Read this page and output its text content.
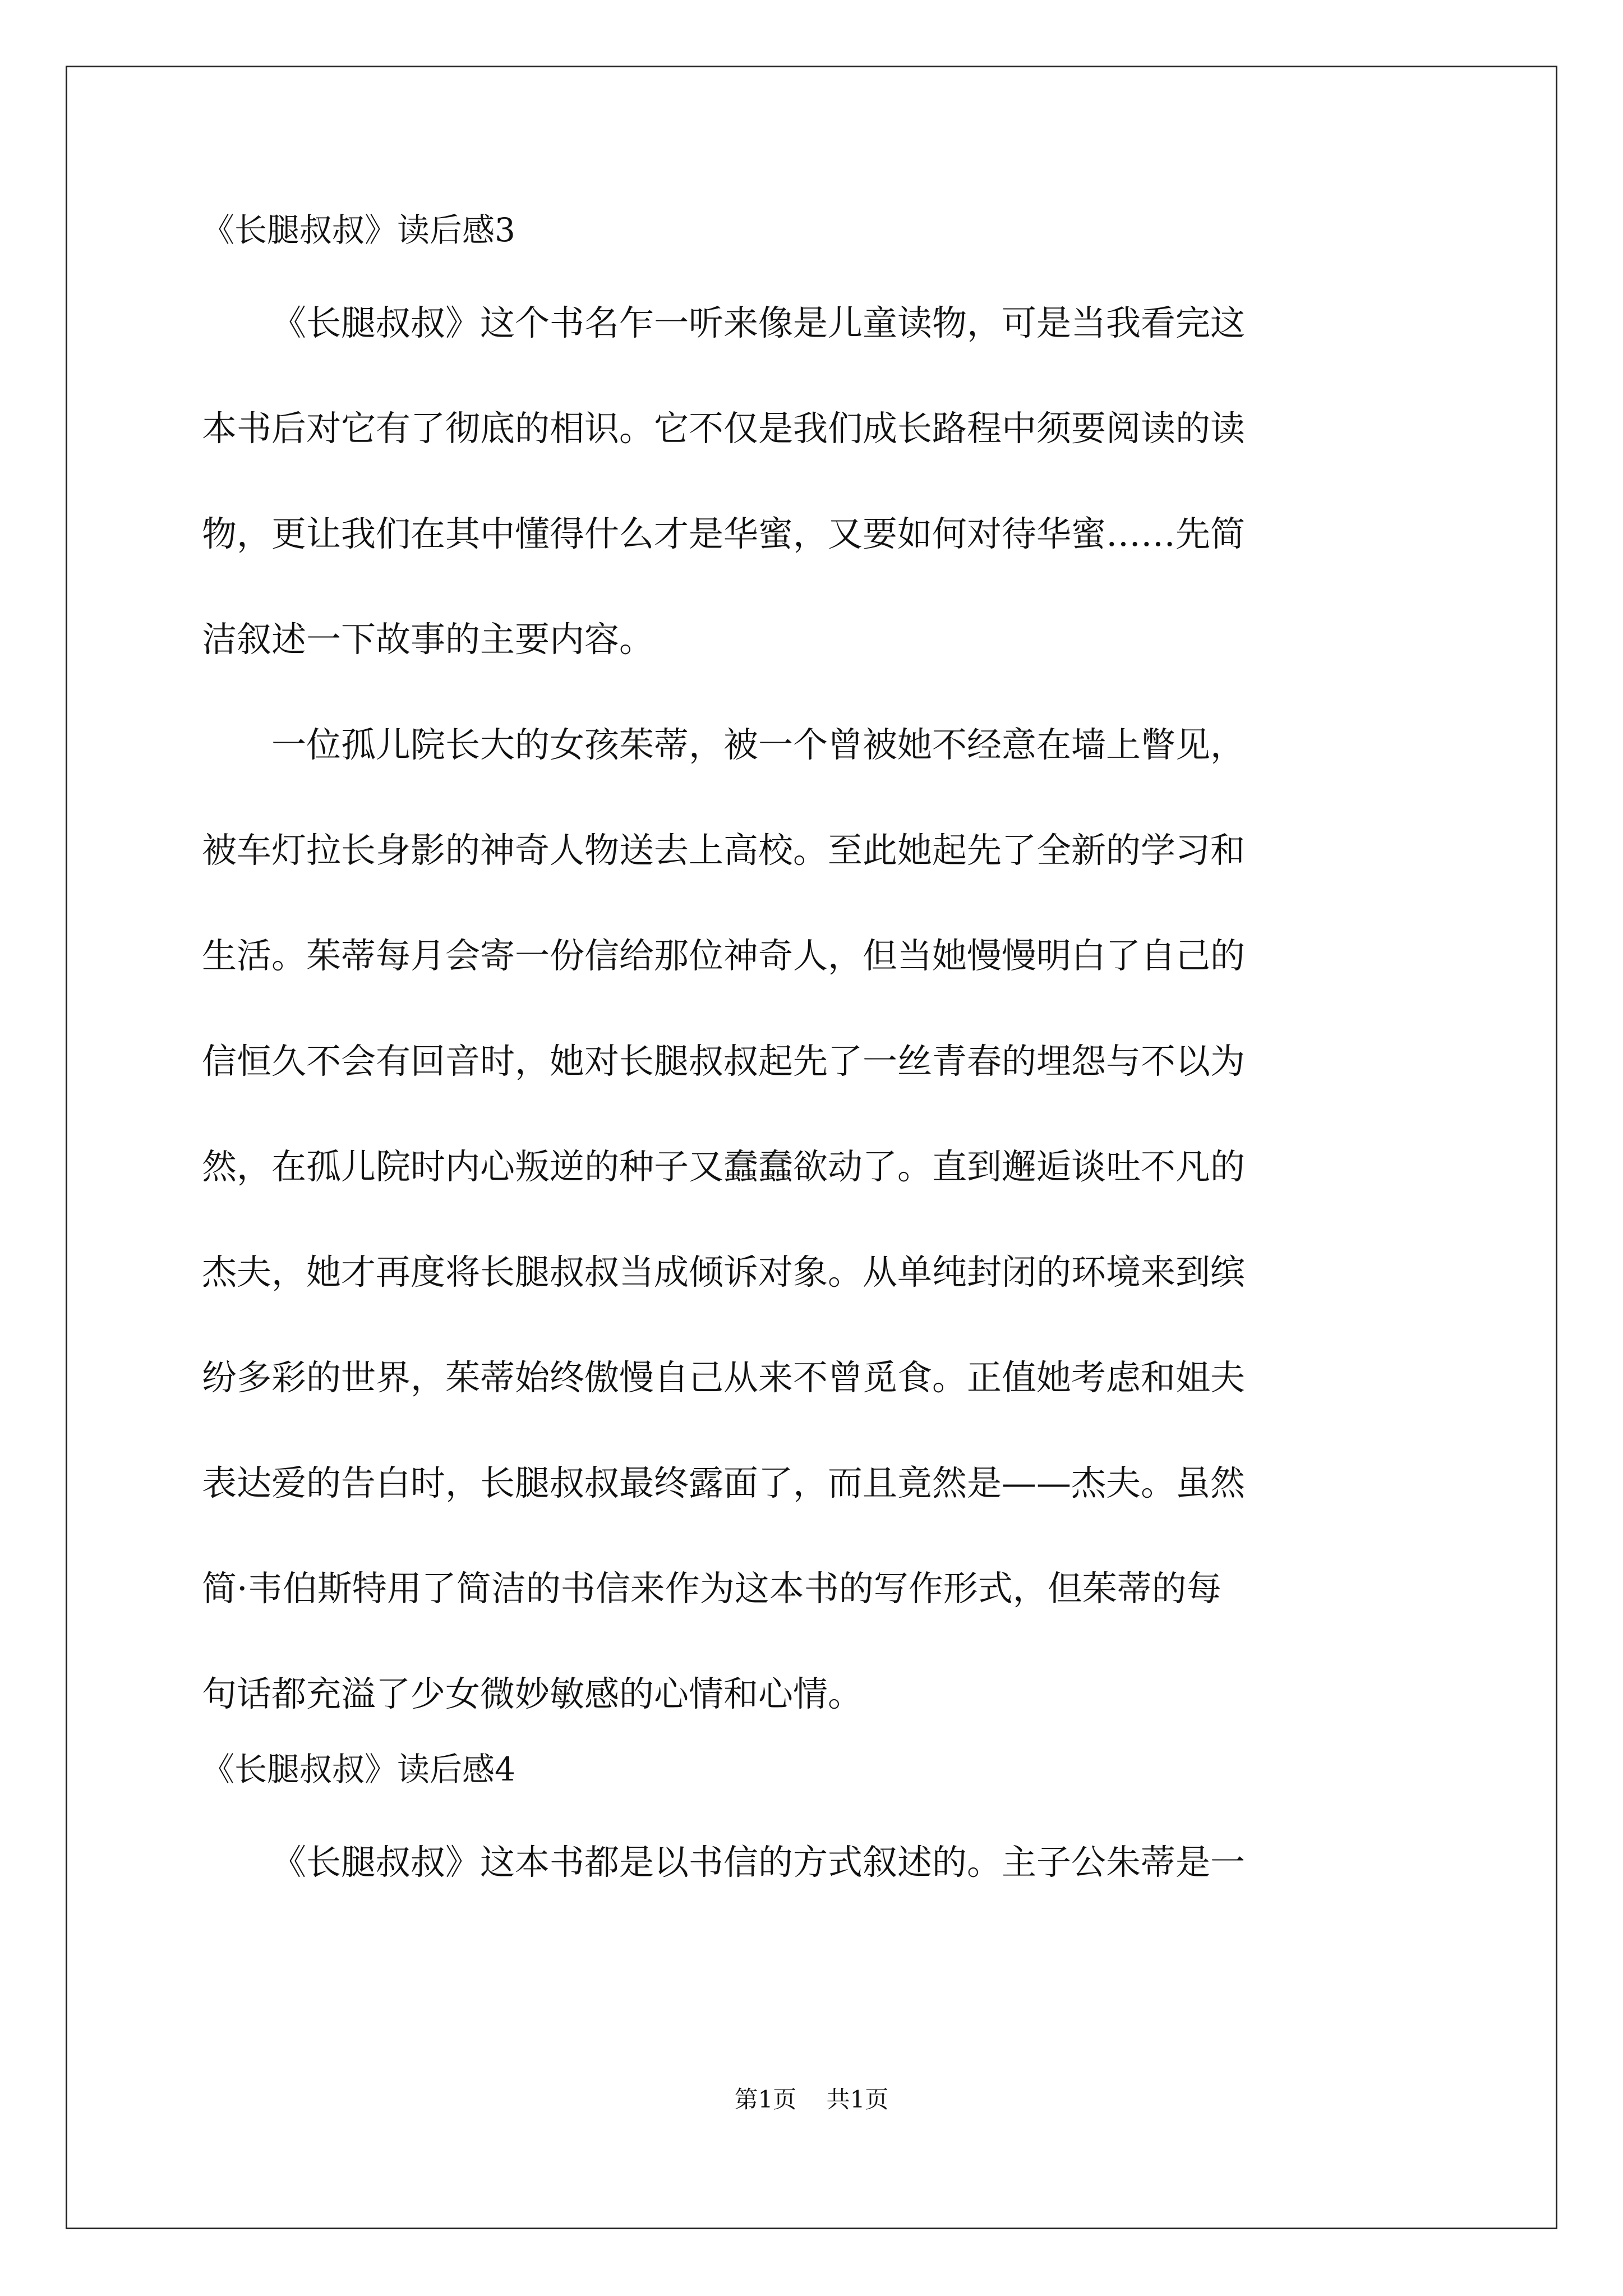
《长腿叔叔》读后感3

《长腿叔叔》这个书名乍一听来像是儿童读物，可是当我看完这
本书后对它有了彻底的相识。它不仅是我们成长路程中须要阅读的读
物，更让我们在其中懂得什么才是华蜜，又要如何对待华蜜……先简
洁叙述一下故事的主要内容。

一位孤儿院长大的女孩茱蒂，被一个曾被她不经意在墙上瞥见，
被车灯拉长身影的神奇人物送去上高校。至此她起先了全新的学习和
生活。茱蒂每月会寄一份信给那位神奇人，但当她慢慢明白了自己的
信恒久不会有回音时，她对长腿叔叔起先了一丝青春的埋怨与不以为
然，在孤儿院时内心叛逆的种子又蠢蠢欲动了。直到邂逅谈吐不凡的
杰夫，她才再度将长腿叔叔当成倾诉对象。从单纯封闭的环境来到缤
纷多彩的世界，茱蒂始终傲慢自己从来不曾觅食。正值她考虑和姐夫
表达爱的告白时，长腿叔叔最终露面了，而且竟然是——杰夫。虽然
简·韦伯斯特用了简洁的书信来作为这本书的写作形式，但茱蒂的每
句话都充溢了少女微妙敏感的心情和心情。

《长腿叔叔》读后感4

《长腿叔叔》这本书都是以书信的方式叙述的。主子公朱蒂是一

第1页    共1页
